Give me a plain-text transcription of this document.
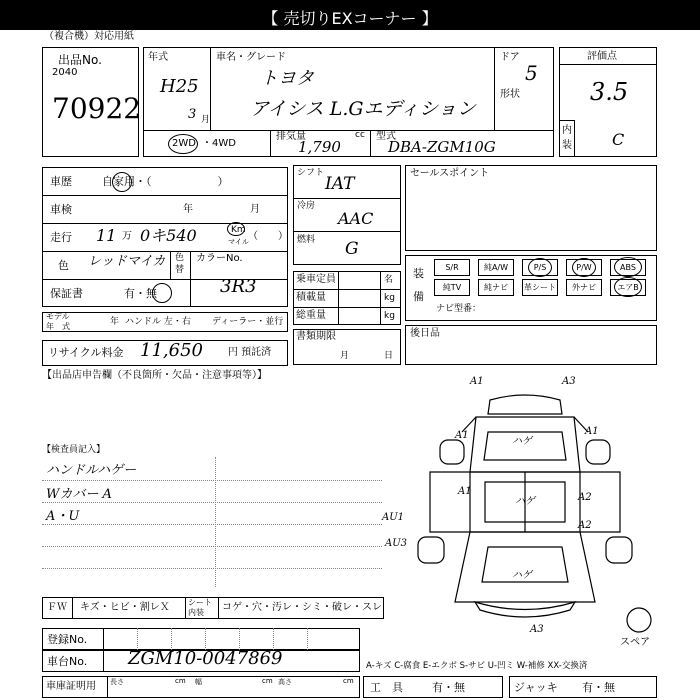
【 売切りEXコーナー 】
（複合機）対応用紙
出品No.
2040
70922
年式
H25
3 月
車名・グレード
トヨタ
アイシス L.Gエディション
ドア
5
形状
2WD ・4WD
排気量	cc
1,790
型式
DBA-ZGM10G
評価点
3.5
内
装	C
車歴	自家用・（　　　　　　）
車検	年	月
走行 11 万 0キ540	Km
マイル （　　）
色 レッドマイカ 色
替
カラーNo.
3R3
保証書	有・無
モデル
年　式	年 ハンドル 左・右 ディーラー・並行
リサイクル料金 11,650	円 預託済
シフト
IAT
冷房
AAC
燃料 G
乗車定員	名
積載量	kg
総重量	kg
書類期限
月	日
セールスポイント
装
備
S/R	純A/W	P/S	P/W	ABS
純TV	純ナビ 革シート 外ナビ	エアB
ナビ型番：
後日品
【出品店申告欄（不良箇所・欠品・注意事項等）】
【検査員記入】
ハンドルハゲー
Wカバー A
A・U
A1	A3
A1
ハゲ
A1
A1
ハゲ	A2
AU1
A2
AU3
ハゲ
A3
スペア
ＦＷ キズ・ヒビ・割レＸ シート
内装 コゲ・穴・汚レ・シミ・破レ・スレ
登録No.
車台No. ZGM10-0047869	A-キズ C-腐食 E-エクボ S-サビ U-凹ミ W-補修 XX-交換済
車庫証明用 長さ	cm 幅	cm 高さ	cm 工　具	有・無	ジャッキ 有・無
